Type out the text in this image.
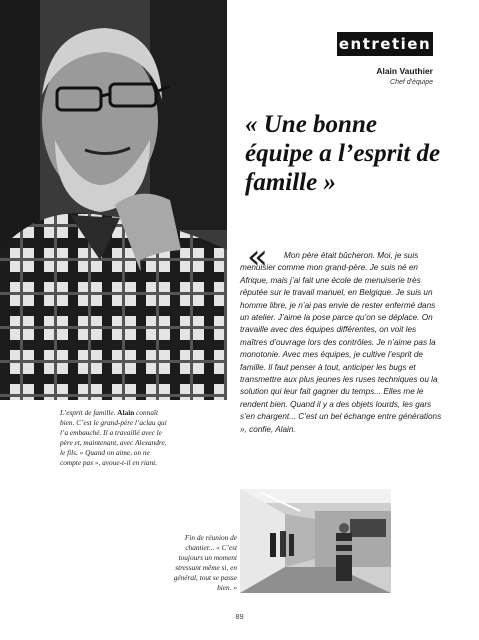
entretien
Alain Vauthier
Chef d'équipe
« Une bonne équipe a l’esprit de famille »
«	Mon père était bûcheron. Moi, je suis menuisier comme mon grand-père. Je suis né en Afrique, mais j’ai fait une école de menuiserie très réputée sur le travail manuel, en Belgique. Je suis un homme libre, je n’ai pas envie de rester enfermé dans un atelier. J’aime la pose parce qu’on se déplace. On travaille avec des équipes différentes, on voit les maîtres d’ouvrage lors des contrôles. Je n’aime pas la monotonie. Avec mes équipes, je cultive l’esprit de famille. Il faut penser à tout, anticiper les bugs et transmettre aux plus jeunes les ruses techniques ou la solution qui leur fait gagner du temps... Elles me le rendent bien. Quand il y a des objets lourds, les gars s’en chargent... C’est un bel échange entre générations », confie, Alain.

L’esprit de famille. Alain connaît bien. C’est le grand-père l’aclau qui l’a embauché. Il a travaillé avec le père et, maintenant, avec Alexandre, le fils. « Quand on aime, on ne compte pas », avoue-t-il en riant.

Fin de réunion de chantier... « C’est toujours un moment stressant même si, en général, tout se passe bien. »

89
